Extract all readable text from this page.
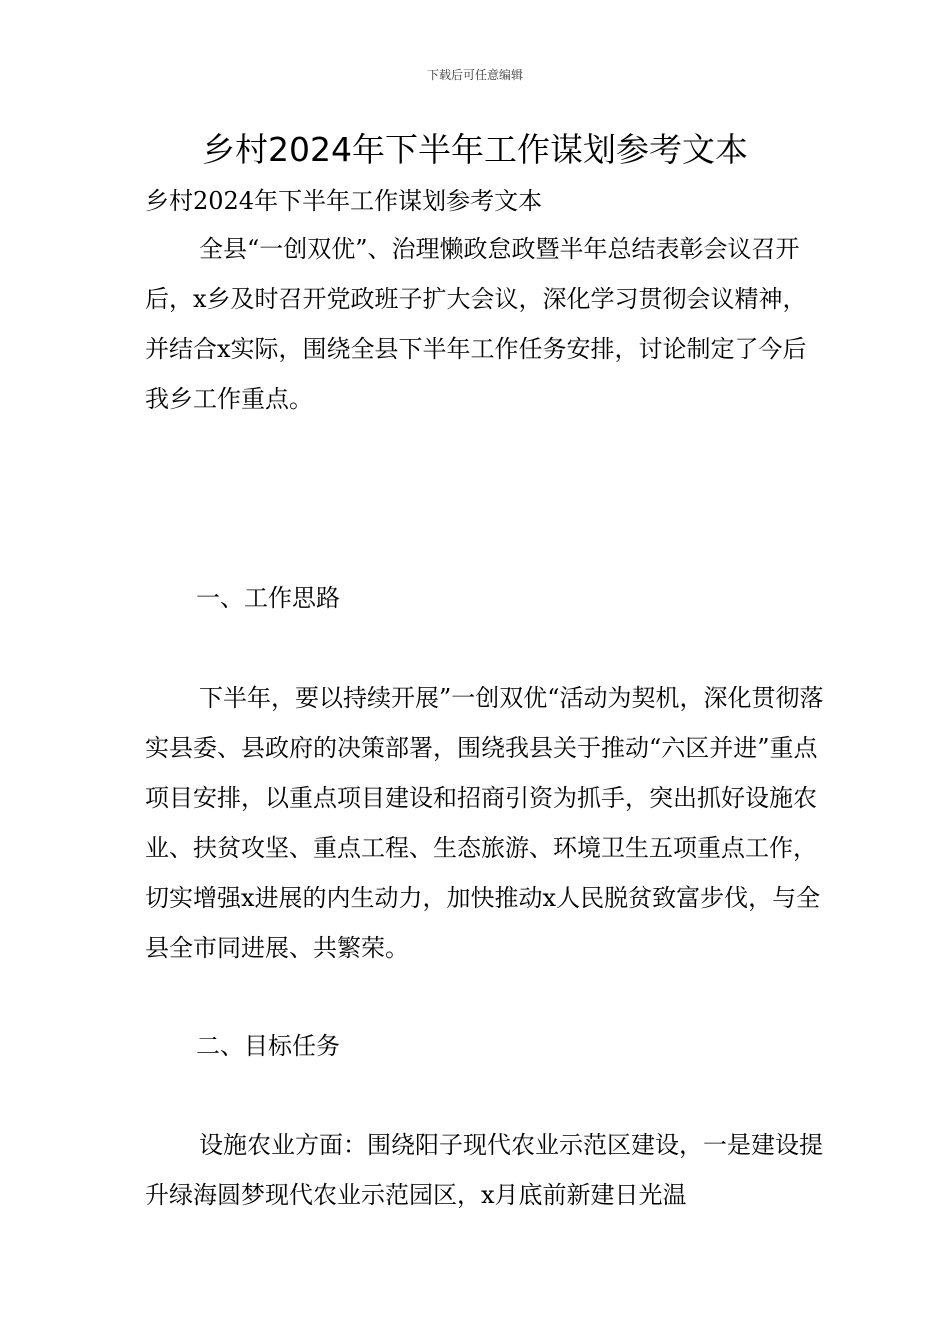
下载后可任意编辑
乡村2024年下半年工作谋划参考文本

乡村2024年下半年工作谋划参考文本

全县“一创双优”、治理懒政怠政暨半年总结表彰会议召开后，x乡及时召开党政班子扩大会议，深化学习贯彻会议精神，并结合x实际，围绕全县下半年工作任务安排，讨论制定了今后我乡工作重点。

一、工作思路

下半年，要以持续开展”一创双优“活动为契机，深化贯彻落实县委、县政府的决策部署，围绕我县关于推动“六区并进”重点项目安排，以重点项目建设和招商引资为抓手，突出抓好设施农业、扶贫攻坚、重点工程、生态旅游、环境卫生五项重点工作，切实增强x进展的内生动力，加快推动x人民脱贫致富步伐，与全县全市同进展、共繁荣。

二、目标任务

设施农业方面：围绕阳子现代农业示范区建设，一是建设提升绿海圆梦现代农业示范园区，x月底前新建日光温
